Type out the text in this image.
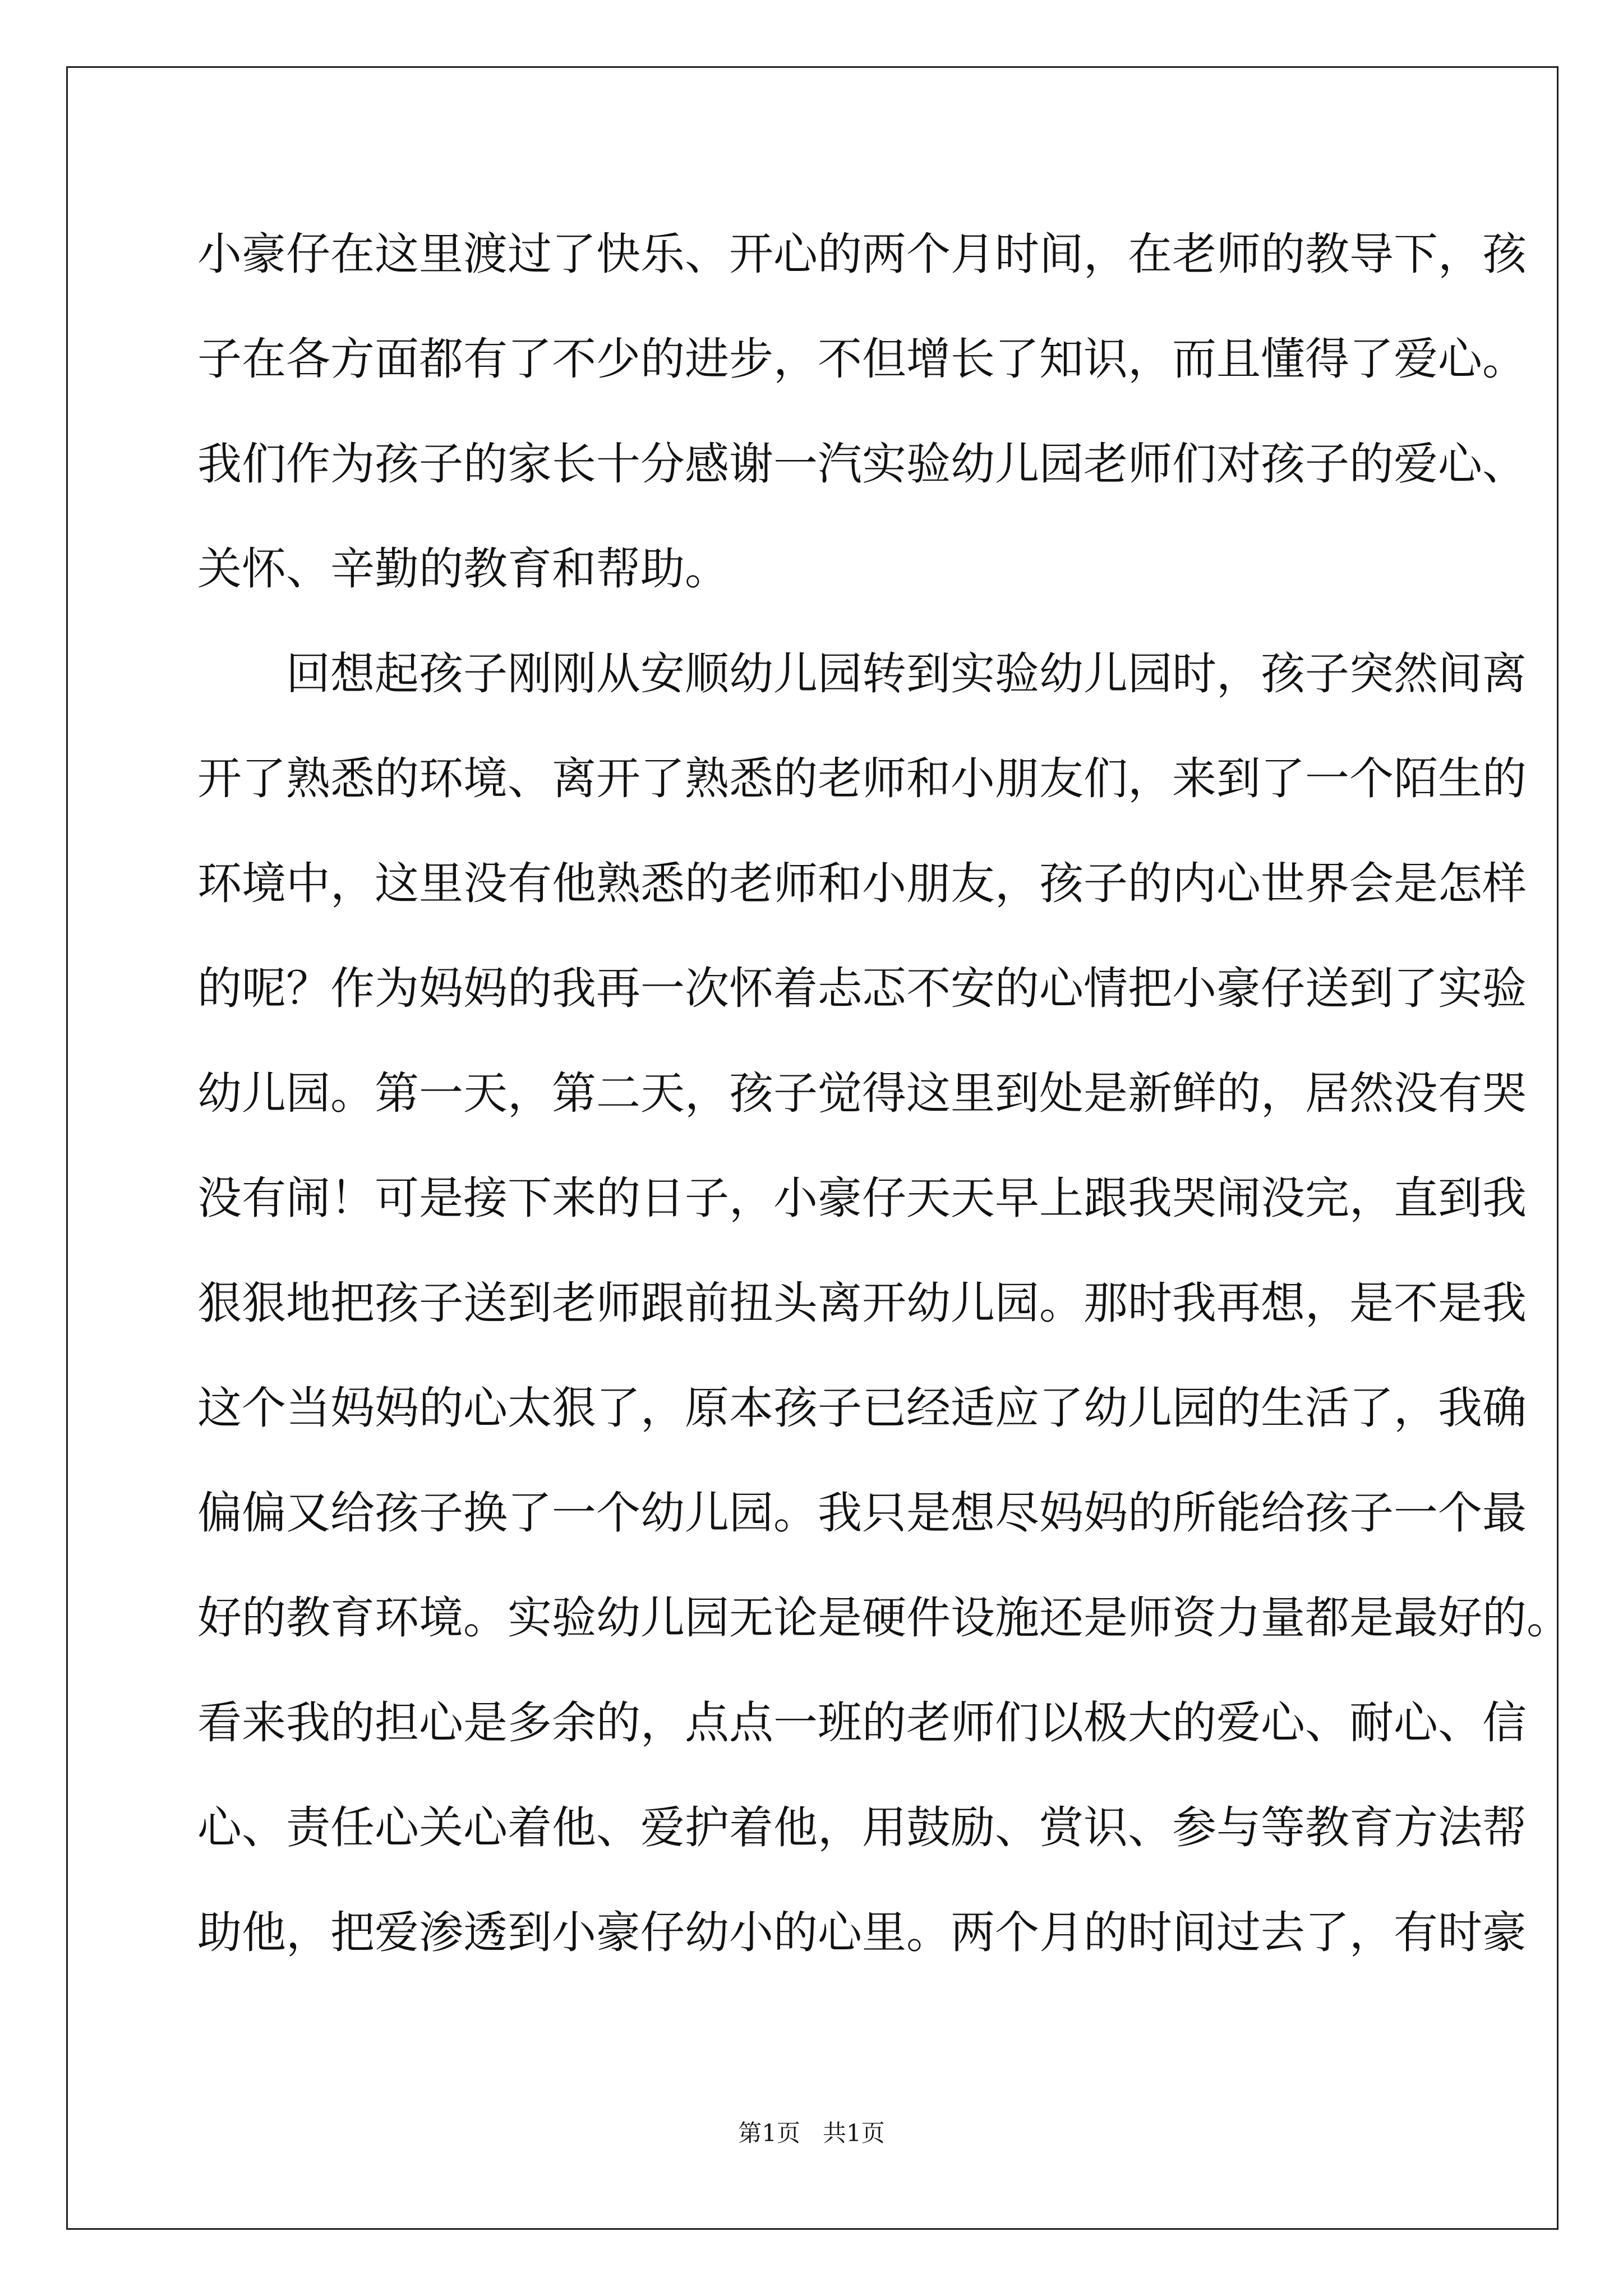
小豪仔在这里渡过了快乐、开心的两个月时间，在老师的教导下，孩
子在各方面都有了不少的进步，不但增长了知识，而且懂得了爱心。
我们作为孩子的家长十分感谢一汽实验幼儿园老师们对孩子的爱心、
关怀、辛勤的教育和帮助。
回想起孩子刚刚从安顺幼儿园转到实验幼儿园时，孩子突然间离
开了熟悉的环境、离开了熟悉的老师和小朋友们，来到了一个陌生的
环境中，这里没有他熟悉的老师和小朋友，孩子的内心世界会是怎样
的呢？作为妈妈的我再一次怀着忐忑不安的心情把小豪仔送到了实验
幼儿园。第一天，第二天，孩子觉得这里到处是新鲜的，居然没有哭
没有闹！可是接下来的日子，小豪仔天天早上跟我哭闹没完，直到我
狠狠地把孩子送到老师跟前扭头离开幼儿园。那时我再想，是不是我
这个当妈妈的心太狠了，原本孩子已经适应了幼儿园的生活了，我确
偏偏又给孩子换了一个幼儿园。我只是想尽妈妈的所能给孩子一个最
好的教育环境。实验幼儿园无论是硬件设施还是师资力量都是最好的。
看来我的担心是多余的，点点一班的老师们以极大的爱心、耐心、信
心、责任心关心着他、爱护着他，用鼓励、赏识、参与等教育方法帮
助他，把爱渗透到小豪仔幼小的心里。两个月的时间过去了，有时豪
第1页   共1页
